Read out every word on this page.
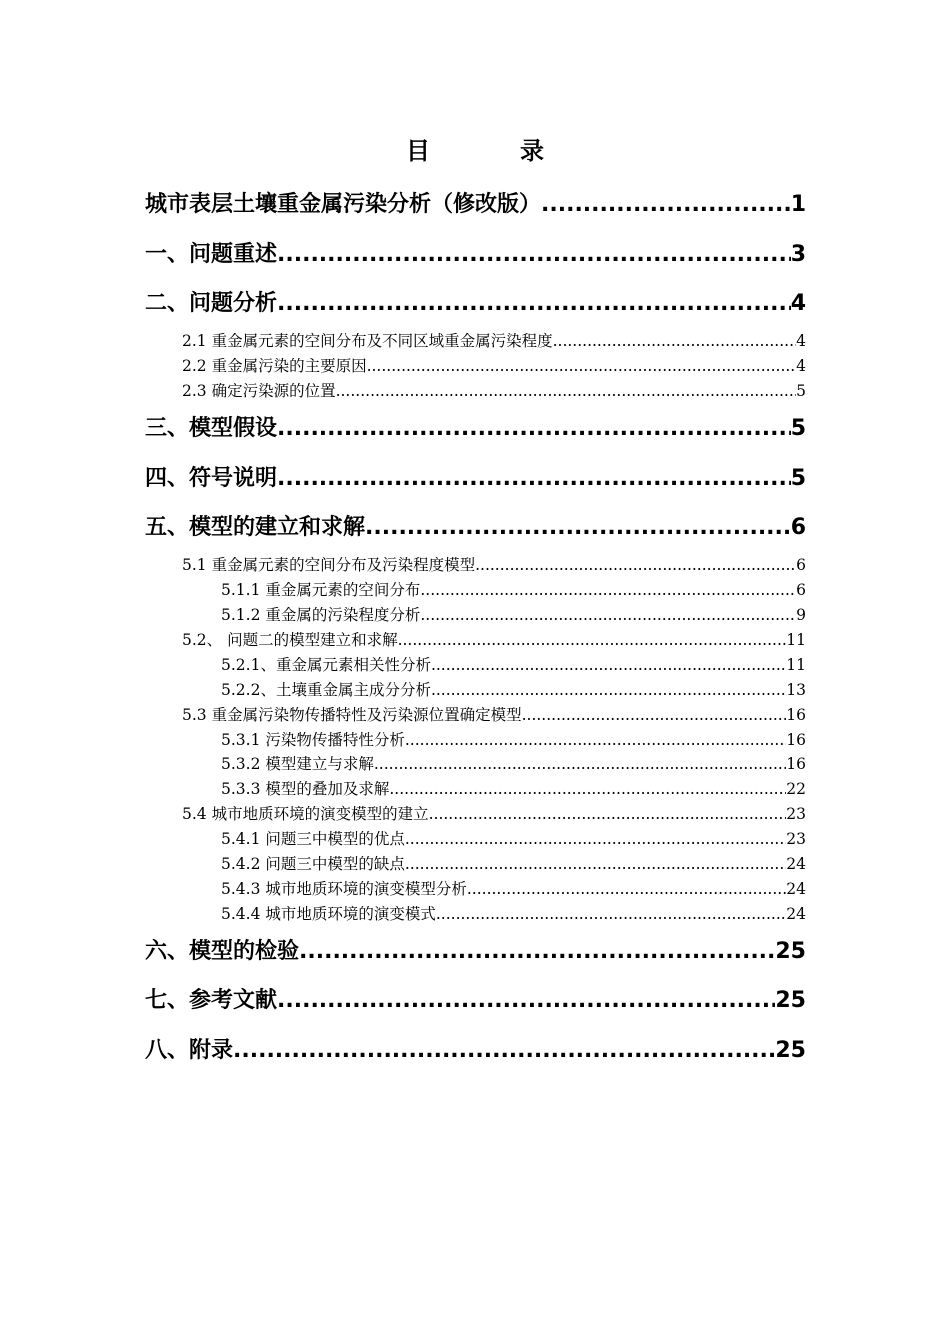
目	录
城市表层土壤重金属污染分析（修改版） .....	1
一、问题重述 .....	3
二、问题分析 .....	4
2.1 重金属元素的空间分布及不同区域重金属污染程度 .....	4
2.2 重金属污染的主要原因 .....	4
2.3 确定污染源的位置 .....	5
三、模型假设 .....	5
四、符号说明 .....	5
五、模型的建立和求解 .....	6
5.1 重金属元素的空间分布及污染程度模型 .....	6
5.1.1 重金属元素的空间分布 .....	6
5.1.2 重金属的污染程度分析 .....	9
5.2、 问题二的模型建立和求解 .....	11
5.2.1、重金属元素相关性分析 .....	11
5.2.2、土壤重金属主成分分析 .....	13
5.3 重金属污染物传播特性及污染源位置确定模型 .....	16
5.3.1 污染物传播特性分析 .....	16
5.3.2 模型建立与求解 .....	16
5.3.3 模型的叠加及求解 .....	22
5.4 城市地质环境的演变模型的建立 .....	23
5.4.1 问题三中模型的优点 .....	23
5.4.2 问题三中模型的缺点 .....	24
5.4.3 城市地质环境的演变模型分析 .....	24
5.4.4 城市地质环境的演变模式 .....	24
六、模型的检验 .....	25
七、参考文献 .....	25
八、附录 .....	25
